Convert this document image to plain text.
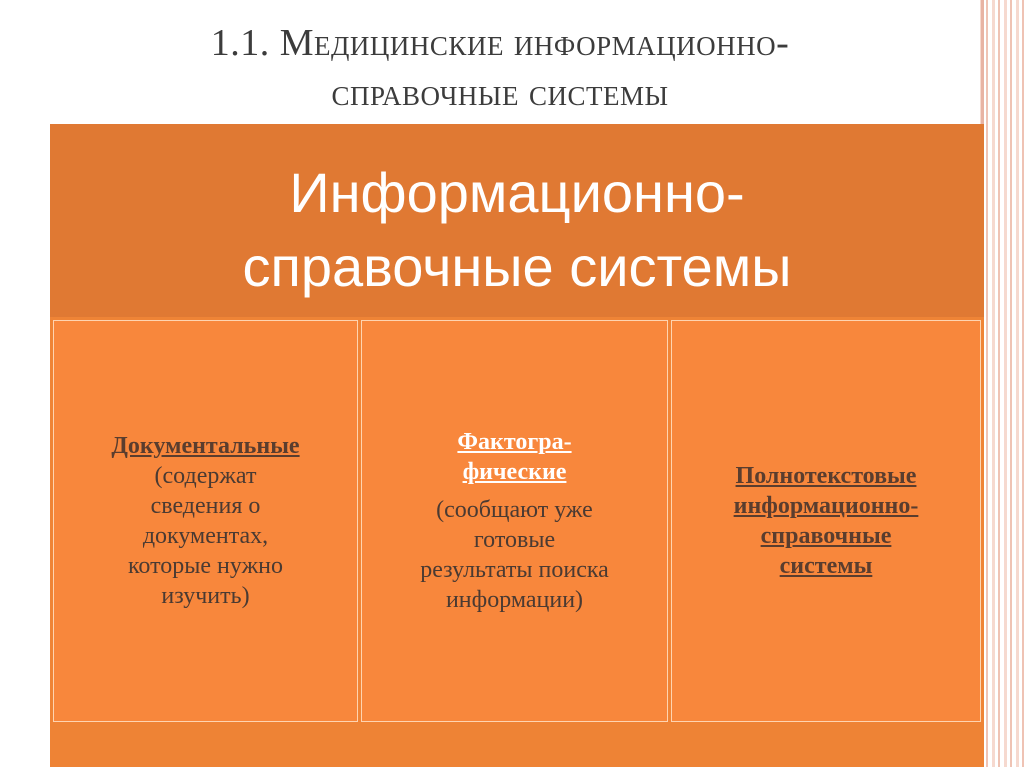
1.1. Медицинские информационно-
справочные системы
Информационно-
справочные системы
Документальные
(содержат
сведения о
документах,
которые нужно
изучить)
Фактогра-
фические
(сообщают уже
готовые
результаты поиска
информации)
Полнотекстовые
информационно-
справочные
системы
